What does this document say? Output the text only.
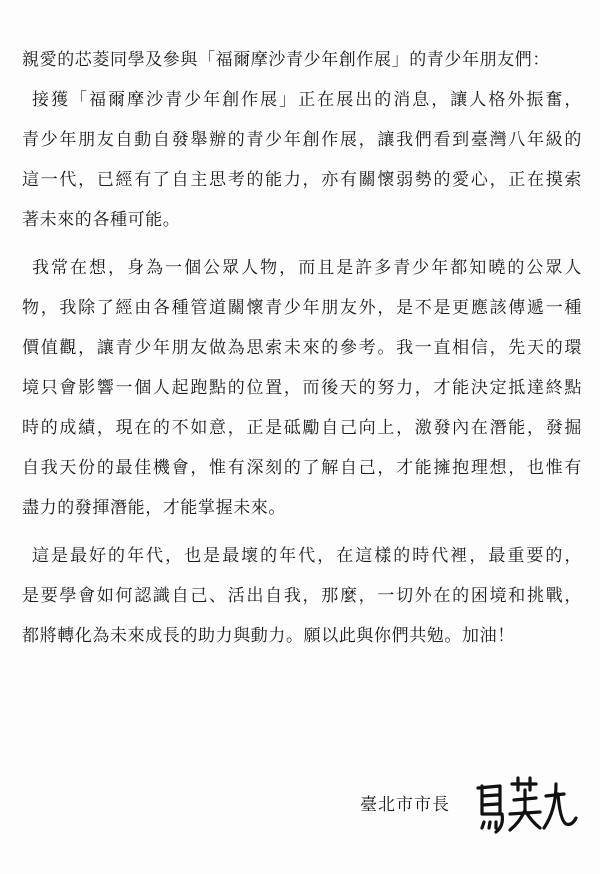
親愛的芯菱同學及參與「福爾摩沙青少年創作展」的青少年朋友們：
接獲「福爾摩沙青少年創作展」正在展出的消息，讓人格外振奮，
青少年朋友自動自發舉辦的青少年創作展，讓我們看到臺灣八年級的
這一代，已經有了自主思考的能力，亦有關懷弱勢的愛心，正在摸索
著未來的各種可能。
我常在想，身為一個公眾人物，而且是許多青少年都知曉的公眾人
物，我除了經由各種管道關懷青少年朋友外，是不是更應該傳遞一種
價值觀，讓青少年朋友做為思索未來的參考。我一直相信，先天的環
境只會影響一個人起跑點的位置，而後天的努力，才能決定抵達終點
時的成績，現在的不如意，正是砥勵自己向上，激發內在潛能，發掘
自我天份的最佳機會，惟有深刻的了解自己，才能擁抱理想，也惟有
盡力的發揮潛能，才能掌握未來。
這是最好的年代，也是最壞的年代，在這樣的時代裡，最重要的，
是要學會如何認識自己、活出自我，那麼，一切外在的困境和挑戰，
都將轉化為未來成長的助力與動力。願以此與你們共勉。加油！
臺北市市長
